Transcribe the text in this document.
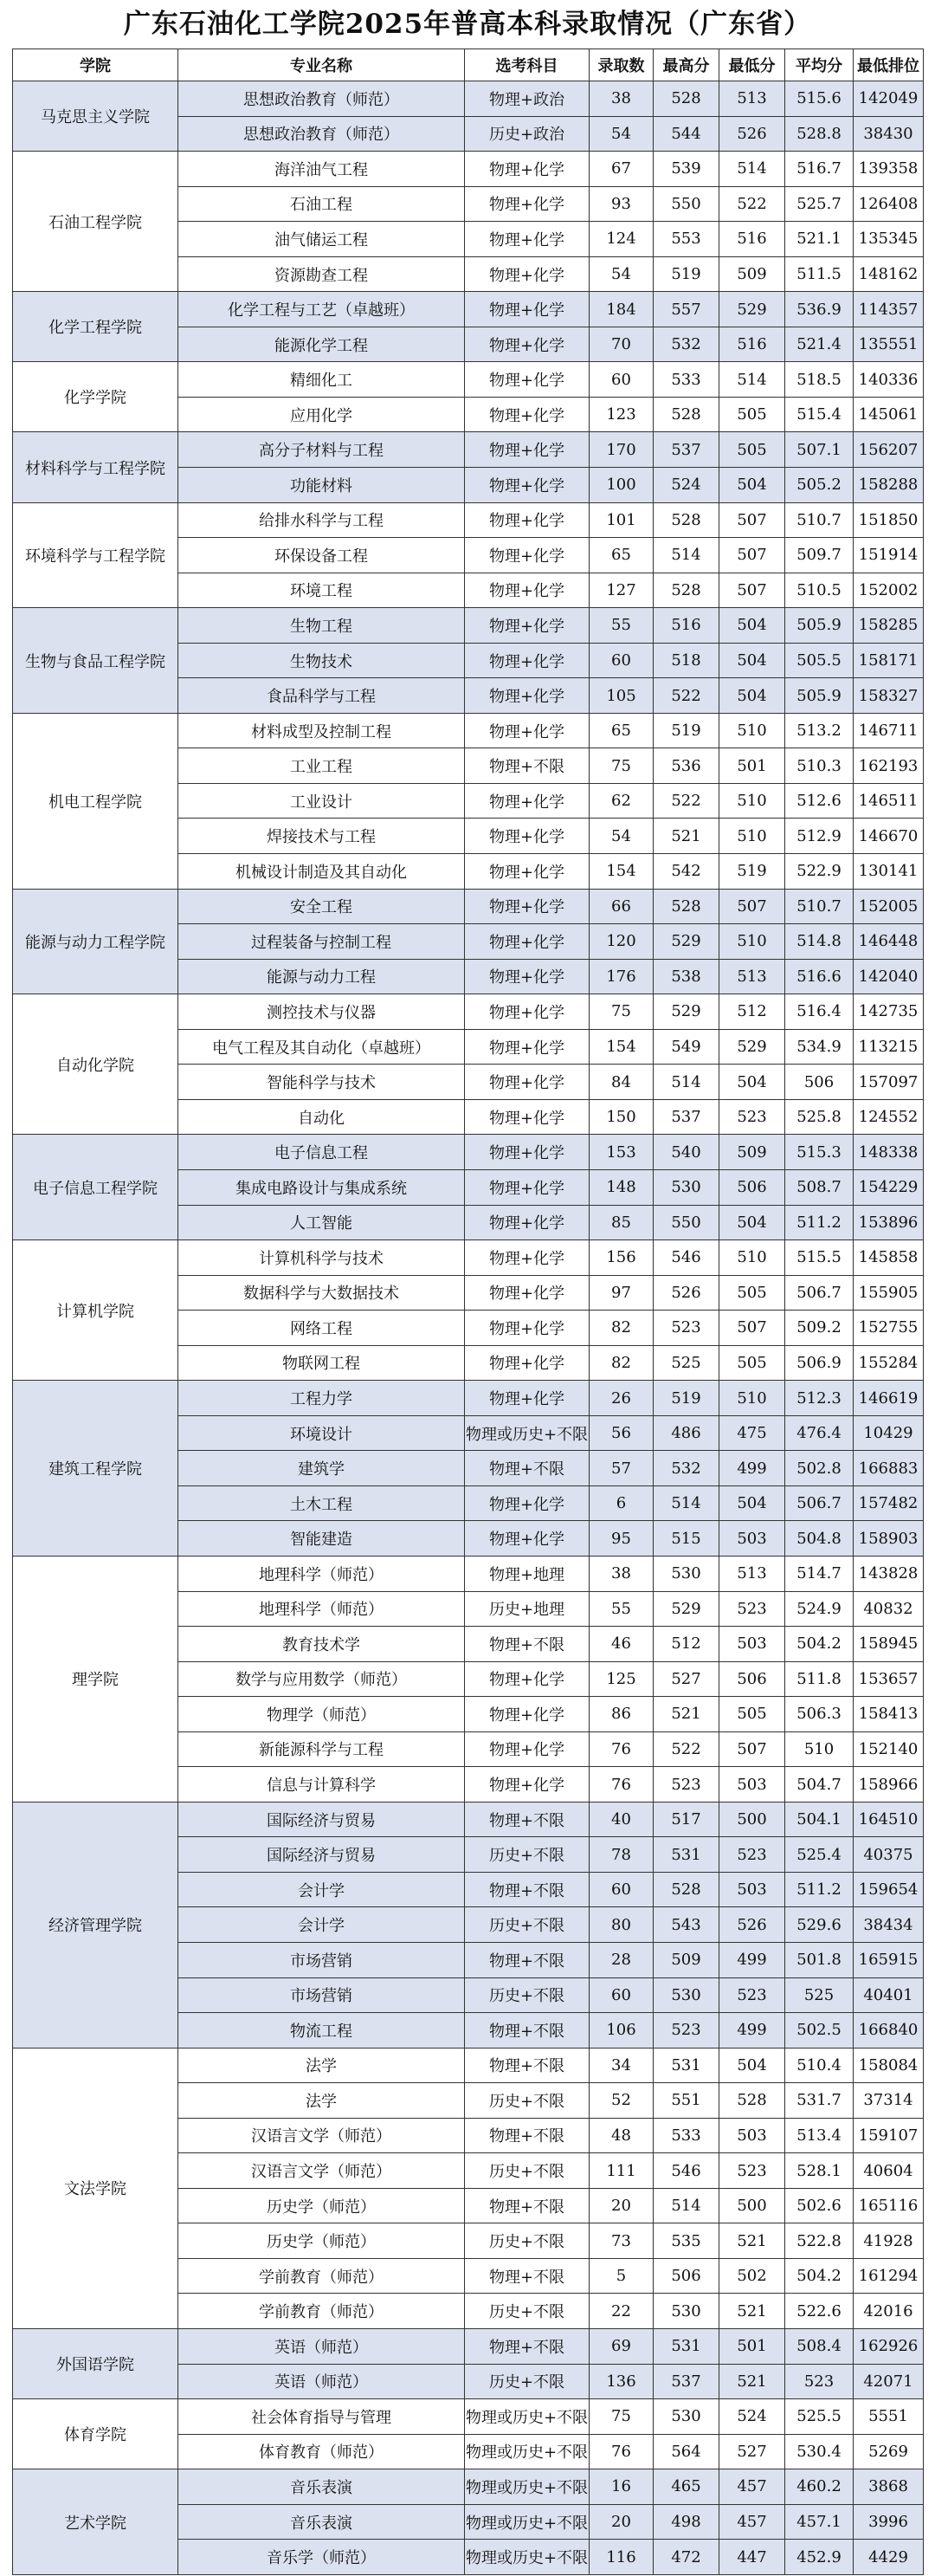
广东石油化工学院2025年普高本科录取情况（广东省）
学院	专业名称	选考科目	录取数	最高分	最低分	平均分	最低排位
马克思主义学院	思想政治教育（师范）	物理+政治	38	528	513	515.6	142049
	思想政治教育（师范）	历史+政治	54	544	526	528.8	38430
石油工程学院	海洋油气工程	物理+化学	67	539	514	516.7	139358
	石油工程	物理+化学	93	550	522	525.7	126408
	油气储运工程	物理+化学	124	553	516	521.1	135345
	资源勘查工程	物理+化学	54	519	509	511.5	148162
化学工程学院	化学工程与工艺（卓越班）	物理+化学	184	557	529	536.9	114357
	能源化学工程	物理+化学	70	532	516	521.4	135551
化学学院	精细化工	物理+化学	60	533	514	518.5	140336
	应用化学	物理+化学	123	528	505	515.4	145061
材料科学与工程学院	高分子材料与工程	物理+化学	170	537	505	507.1	156207
	功能材料	物理+化学	100	524	504	505.2	158288
环境科学与工程学院	给排水科学与工程	物理+化学	101	528	507	510.7	151850
	环保设备工程	物理+化学	65	514	507	509.7	151914
	环境工程	物理+化学	127	528	507	510.5	152002
生物与食品工程学院	生物工程	物理+化学	55	516	504	505.9	158285
	生物技术	物理+化学	60	518	504	505.5	158171
	食品科学与工程	物理+化学	105	522	504	505.9	158327
机电工程学院	材料成型及控制工程	物理+化学	65	519	510	513.2	146711
	工业工程	物理+不限	75	536	501	510.3	162193
	工业设计	物理+化学	62	522	510	512.6	146511
	焊接技术与工程	物理+化学	54	521	510	512.9	146670
	机械设计制造及其自动化	物理+化学	154	542	519	522.9	130141
能源与动力工程学院	安全工程	物理+化学	66	528	507	510.7	152005
	过程装备与控制工程	物理+化学	120	529	510	514.8	146448
	能源与动力工程	物理+化学	176	538	513	516.6	142040
自动化学院	测控技术与仪器	物理+化学	75	529	512	516.4	142735
	电气工程及其自动化（卓越班）	物理+化学	154	549	529	534.9	113215
	智能科学与技术	物理+化学	84	514	504	506	157097
	自动化	物理+化学	150	537	523	525.8	124552
电子信息工程学院	电子信息工程	物理+化学	153	540	509	515.3	148338
	集成电路设计与集成系统	物理+化学	148	530	506	508.7	154229
	人工智能	物理+化学	85	550	504	511.2	153896
计算机学院	计算机科学与技术	物理+化学	156	546	510	515.5	145858
	数据科学与大数据技术	物理+化学	97	526	505	506.7	155905
	网络工程	物理+化学	82	523	507	509.2	152755
	物联网工程	物理+化学	82	525	505	506.9	155284
建筑工程学院	工程力学	物理+化学	26	519	510	512.3	146619
	环境设计	物理或历史+不限	56	486	475	476.4	10429
	建筑学	物理+不限	57	532	499	502.8	166883
	土木工程	物理+化学	6	514	504	506.7	157482
	智能建造	物理+化学	95	515	503	504.8	158903
理学院	地理科学（师范）	物理+地理	38	530	513	514.7	143828
	地理科学（师范）	历史+地理	55	529	523	524.9	40832
	教育技术学	物理+不限	46	512	503	504.2	158945
	数学与应用数学（师范）	物理+化学	125	527	506	511.8	153657
	物理学（师范）	物理+化学	86	521	505	506.3	158413
	新能源科学与工程	物理+化学	76	522	507	510	152140
	信息与计算科学	物理+化学	76	523	503	504.7	158966
经济管理学院	国际经济与贸易	物理+不限	40	517	500	504.1	164510
	国际经济与贸易	历史+不限	78	531	523	525.4	40375
	会计学	物理+不限	60	528	503	511.2	159654
	会计学	历史+不限	80	543	526	529.6	38434
	市场营销	物理+不限	28	509	499	501.8	165915
	市场营销	历史+不限	60	530	523	525	40401
	物流工程	物理+不限	106	523	499	502.5	166840
文法学院	法学	物理+不限	34	531	504	510.4	158084
	法学	历史+不限	52	551	528	531.7	37314
	汉语言文学（师范）	物理+不限	48	533	503	513.4	159107
	汉语言文学（师范）	历史+不限	111	546	523	528.1	40604
	历史学（师范）	物理+不限	20	514	500	502.6	165116
	历史学（师范）	历史+不限	73	535	521	522.8	41928
	学前教育（师范）	物理+不限	5	506	502	504.2	161294
	学前教育（师范）	历史+不限	22	530	521	522.6	42016
外国语学院	英语（师范）	物理+不限	69	531	501	508.4	162926
	英语（师范）	历史+不限	136	537	521	523	42071
体育学院	社会体育指导与管理	物理或历史+不限	75	530	524	525.5	5551
	体育教育（师范）	物理或历史+不限	76	564	527	530.4	5269
艺术学院	音乐表演	物理或历史+不限	16	465	457	460.2	3868
	音乐表演	物理或历史+不限	20	498	457	457.1	3996
	音乐学（师范）	物理或历史+不限	116	472	447	452.9	4429
